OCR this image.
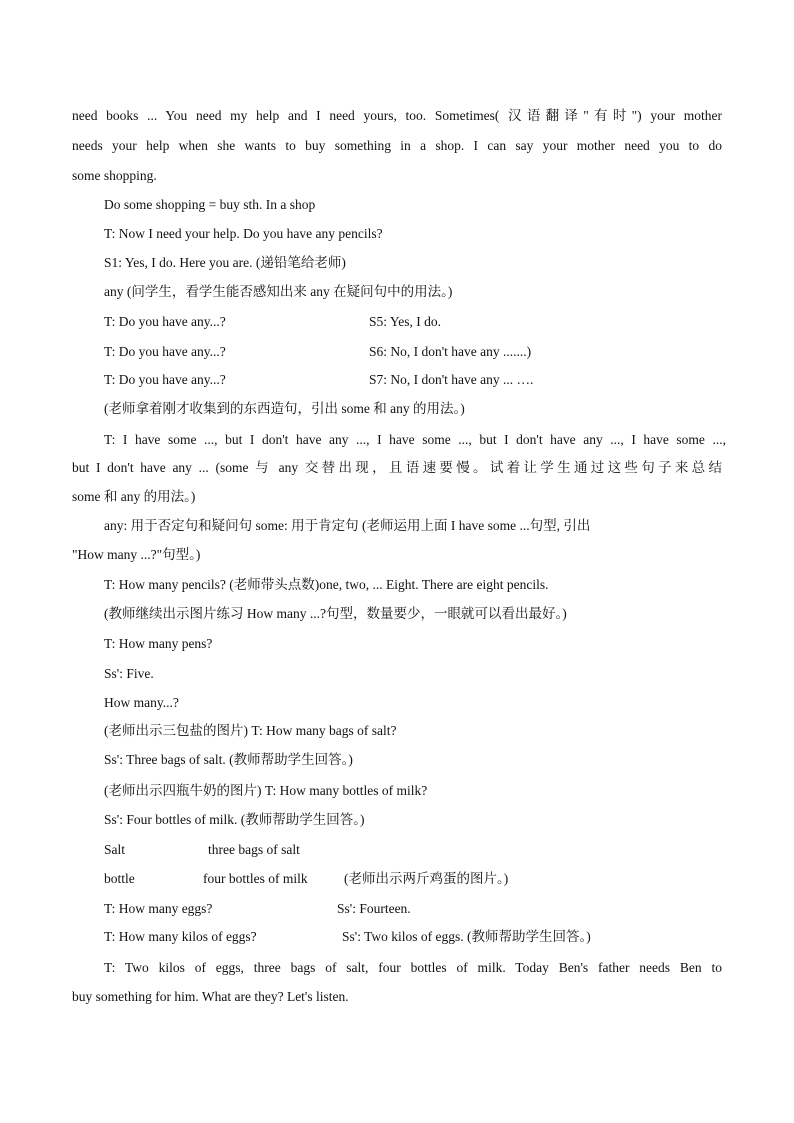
need books ... You need my help and I need yours, too. Sometimes( 汉语翻译"有时") your mother
needs your help when she wants to buy something in a shop. I can say your mother need you to do
some shopping.
Do some shopping = buy sth. In a shop
T: Now I need your help. Do you have any pencils?
S1: Yes, I do. Here you are. (递铅笔给老师)
any (问学生，看学生能否感知出来 any 在疑问句中的用法。)
T: Do you have any...?	S5: Yes, I do.
T: Do you have any...?	S6: No, I don't have any .......)
T: Do you have any...?	S7: No, I don't have any ... ….
(老师拿着刚才收集到的东西造句，引出 some 和 any 的用法。)
T: I have some ..., but I don't have any ..., I have some ..., but I don't have any ..., I have some ...,
but I don't have any ... (some 与 any 交替出现，且语速要慢。试着让学生通过这些句子来总结
some 和 any 的用法。)
any: 用于否定句和疑问句 some: 用于肯定句 (老师运用上面 I have some ...句型, 引出
"How many ...?"句型。)
T: How many pencils? (老师带头点数)one, two, ... Eight. There are eight pencils.
(教师继续出示图片练习 How many ...?句型，数量要少，一眼就可以看出最好。)
T: How many pens?
Ss': Five.
How many...?
(老师出示三包盐的图片) T: How many bags of salt?
Ss': Three bags of salt. (教师帮助学生回答。)
(老师出示四瓶牛奶的图片) T: How many bottles of milk?
Ss': Four bottles of milk. (教师帮助学生回答。)
Salt	three bags of salt
bottle	four bottles of milk	(老师出示两斤鸡蛋的图片。)
T: How many eggs?	Ss': Fourteen.
T: How many kilos of eggs?	Ss': Two kilos of eggs. (教师帮助学生回答。)
T: Two kilos of eggs, three bags of salt, four bottles of milk. Today Ben's father needs Ben to
buy something for him. What are they? Let's listen.
